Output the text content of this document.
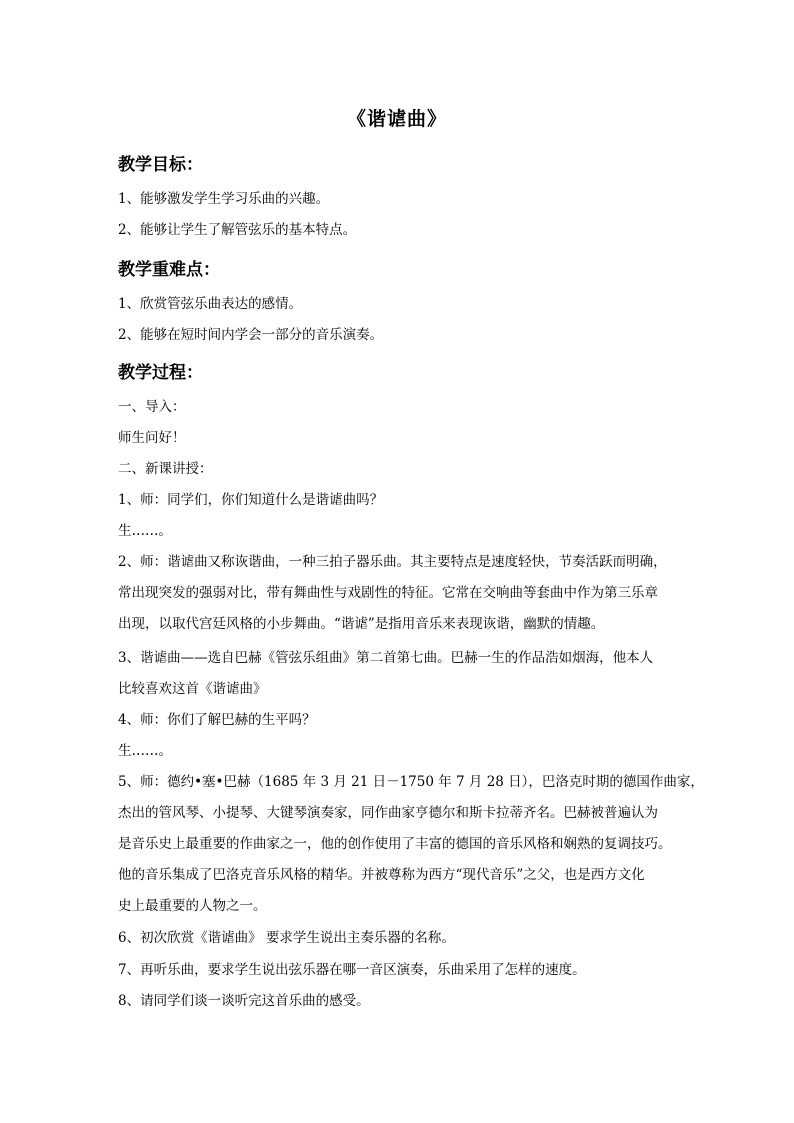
《谐谑曲》
教学目标：
1、能够激发学生学习乐曲的兴趣。
2、能够让学生了解管弦乐的基本特点。
教学重难点：
1、欣赏管弦乐曲表达的感情。
2、能够在短时间内学会一部分的音乐演奏。
教学过程：
一、导入：
师生问好！
二、新课讲授：
1、师：同学们，你们知道什么是谐谑曲吗？
生……。
2、师：谐谑曲又称诙谐曲，一种三拍子器乐曲。其主要特点是速度轻快，节奏活跃而明确，
常出现突发的强弱对比，带有舞曲性与戏剧性的特征。它常在交响曲等套曲中作为第三乐章
出现，以取代宫廷风格的小步舞曲。“谐谑”是指用音乐来表现诙谐，幽默的情趣。
3、谐谑曲——选自巴赫《管弦乐组曲》第二首第七曲。巴赫一生的作品浩如烟海，他本人
比较喜欢这首《谐谑曲》
4、师：你们了解巴赫的生平吗？
生……。
5、师：德约•塞•巴赫（1685 年 3 月 21 日－1750 年 7 月 28 日），巴洛克时期的德国作曲家，
杰出的管风琴、小提琴、大键琴演奏家，同作曲家亨德尔和斯卡拉蒂齐名。巴赫被普遍认为
是音乐史上最重要的作曲家之一，他的创作使用了丰富的德国的音乐风格和娴熟的复调技巧。
他的音乐集成了巴洛克音乐风格的精华。并被尊称为西方“现代音乐”之父，也是西方文化
史上最重要的人物之一。
6、初次欣赏《谐谑曲》 要求学生说出主奏乐器的名称。
7、再听乐曲，要求学生说出弦乐器在哪一音区演奏，乐曲采用了怎样的速度。
8、请同学们谈一谈听完这首乐曲的感受。
